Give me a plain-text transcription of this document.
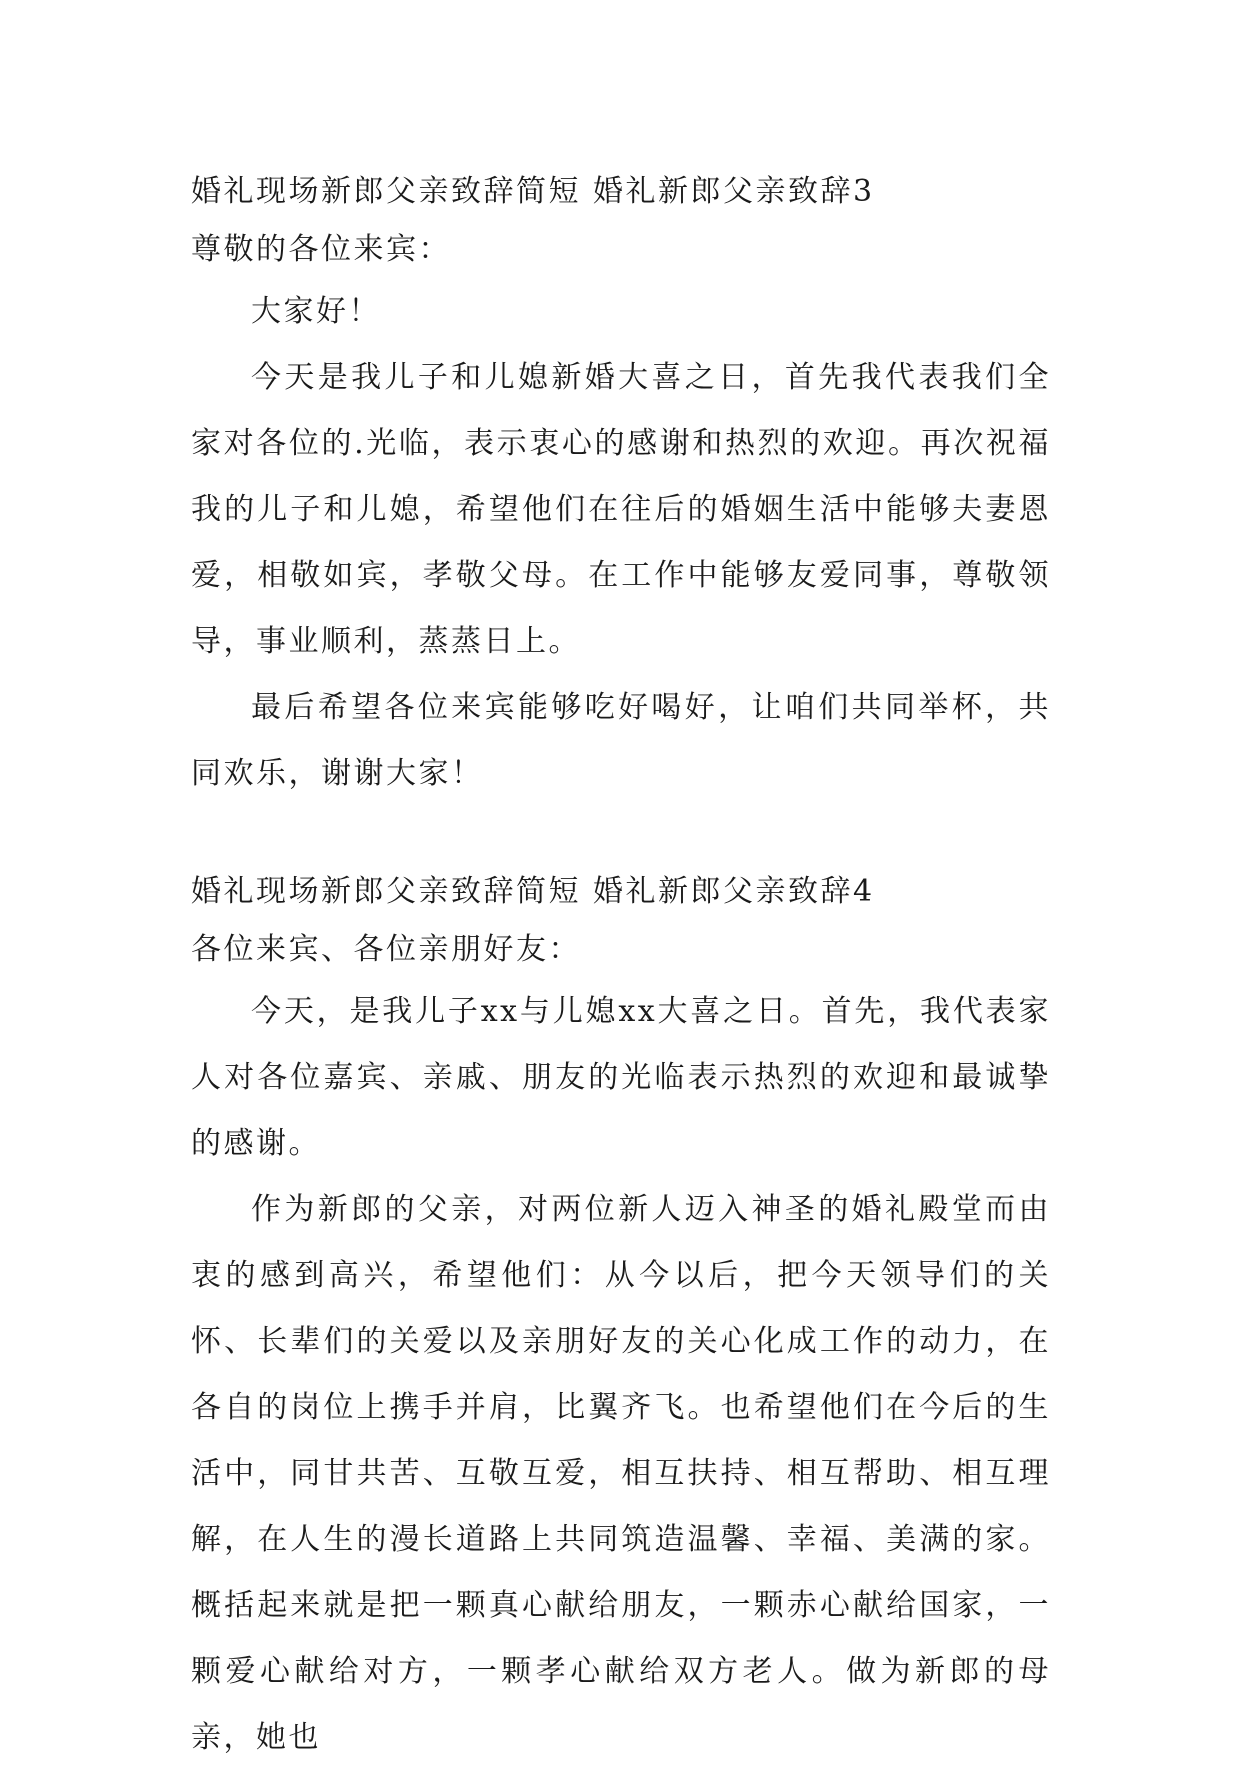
婚礼现场新郎父亲致辞简短 婚礼新郎父亲致辞3

尊敬的各位来宾：

大家好！

今天是我儿子和儿媳新婚大喜之日，首先我代表我们全家对各位的.光临，表示衷心的感谢和热烈的欢迎。再次祝福我的儿子和儿媳，希望他们在往后的婚姻生活中能够夫妻恩爱，相敬如宾，孝敬父母。在工作中能够友爱同事，尊敬领导，事业顺利，蒸蒸日上。

最后希望各位来宾能够吃好喝好，让咱们共同举杯，共同欢乐，谢谢大家！

婚礼现场新郎父亲致辞简短 婚礼新郎父亲致辞4

各位来宾、各位亲朋好友：

今天，是我儿子xx与儿媳xx大喜之日。首先，我代表家人对各位嘉宾、亲戚、朋友的光临表示热烈的欢迎和最诚挚的感谢。

作为新郎的父亲，对两位新人迈入神圣的婚礼殿堂而由衷的感到高兴，希望他们：从今以后，把今天领导们的关怀、长辈们的关爱以及亲朋好友的关心化成工作的动力，在各自的岗位上携手并肩，比翼齐飞。也希望他们在今后的生活中，同甘共苦、互敬互爱，相互扶持、相互帮助、相互理解，在人生的漫长道路上共同筑造温馨、幸福、美满的家。概括起来就是把一颗真心献给朋友，一颗赤心献给国家，一颗爱心献给对方，一颗孝心献给双方老人。做为新郎的母亲，她也
